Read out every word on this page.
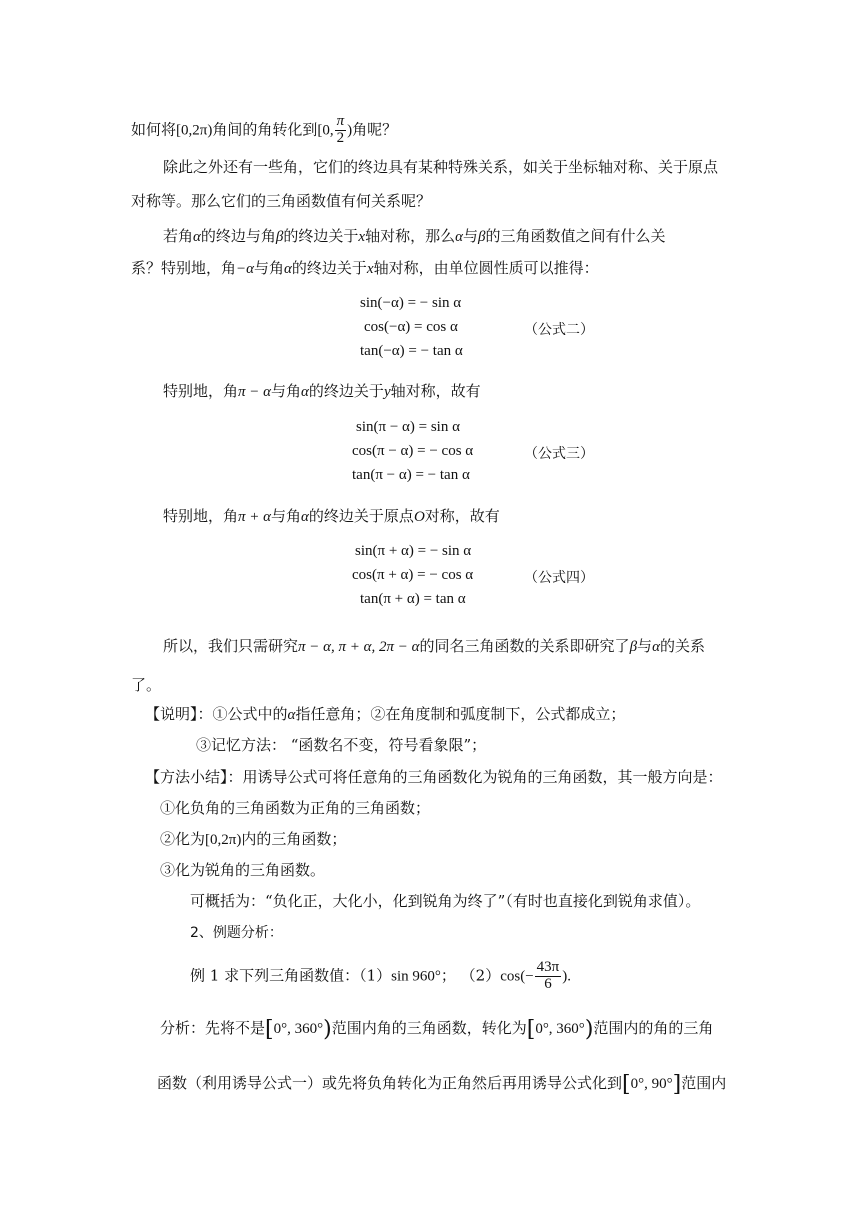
如何将[0,2π)角间的角转化到[0, $\frac{\pi}{2}$ )角呢？
除此之外还有一些角，它们的终边具有某种特殊关系，如关于坐标轴对称、关于原点
对称等。那么它们的三角函数值有何关系呢？
若角α的终边与角β的终边关于x轴对称，那么α与β的三角函数值之间有什么关
系？特别地，角−α与角α的终边关于x轴对称，由单位圆性质可以推得：
sin(−α) = − sin α
cos(−α) = cos α
tan(−α) = − tan α
（公式二）
特别地，角π − α与角α的终边关于y轴对称，故有
sin(π − α) = sin α
cos(π − α) = − cos α
tan(π − α) = − tan α
（公式三）
特别地，角π + α与角α的终边关于原点O对称，故有
sin(π + α) = − sin α
cos(π + α) = − cos α
tan(π + α) = tan α
（公式四）
所以，我们只需研究π − α, π + α, 2π − α的同名三角函数的关系即研究了β与α的关系
了。
【说明】：①公式中的α指任意角；②在角度制和弧度制下，公式都成立；
③记忆方法： “函数名不变，符号看象限”；
【方法小结】：用诱导公式可将任意角的三角函数化为锐角的三角函数，其一般方向是：
①化负角的三角函数为正角的三角函数；
②化为[0,2π)内的三角函数；
③化为锐角的三角函数。
可概括为：“负化正，大化小，化到锐角为终了”（有时也直接化到锐角求值）。
2、例题分析：
例 1 求下列三角函数值：（1）sin 960°； $(2)\cos(- \frac{43\pi}{6}$ ).
分析：先将不是[0°, 360°)范围内角的三角函数，转化为[0°, 360°)范围内的角的三角
函数（利用诱导公式一）或先将负角转化为正角然后再用诱导公式化到[0°, 90°]范围内
